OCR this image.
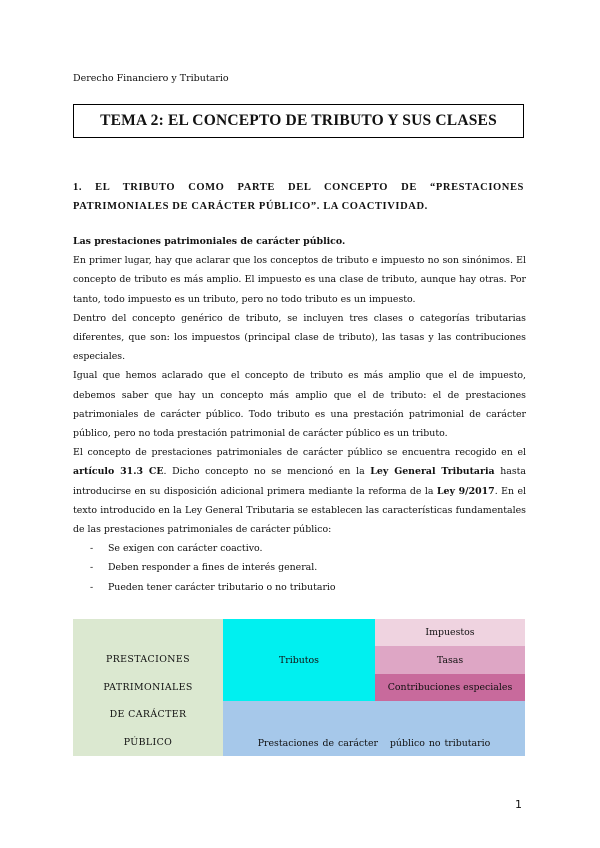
Derecho Financiero y Tributario
TEMA 2: EL CONCEPTO DE TRIBUTO Y SUS CLASES
1. EL TRIBUTO COMO PARTE DEL CONCEPTO DE “PRESTACIONES PATRIMONIALES DE CARÁCTER PÚBLICO”. LA COACTIVIDAD.

Las prestaciones patrimoniales de carácter público.

En primer lugar, hay que aclarar que los conceptos de tributo e impuesto no son sinónimos. El concepto de tributo es más amplio. El impuesto es una clase de tributo, aunque hay otras. Por tanto, todo impuesto es un tributo, pero no todo tributo es un impuesto.

Dentro del concepto genérico de tributo, se incluyen tres clases o categorías tributarias diferentes, que son: los impuestos (principal clase de tributo), las tasas y las contribuciones especiales.

Igual que hemos aclarado que el concepto de tributo es más amplio que el de impuesto, debemos saber que hay un concepto más amplio que el de tributo: el de prestaciones patrimoniales de carácter público. Todo tributo es una prestación patrimonial de carácter público, pero no toda prestación patrimonial de carácter público es un tributo.

El concepto de prestaciones patrimoniales de carácter público se encuentra recogido en el artículo 31.3 CE. Dicho concepto no se mencionó en la Ley General Tributaria hasta introducirse en su disposición adicional primera mediante la reforma de la Ley 9/2017. En el texto introducido en la Ley General Tributaria se establecen las características fundamentales de las prestaciones patrimoniales de carácter público:

- Se exigen con carácter coactivo.
- Deben responder a fines de interés general.
- Pueden tener carácter tributario o no tributario
PRESTACIONES
PATRIMONIALES
DE CARÁCTER
PÚBLICO
Tributos
Impuestos
Tasas
Contribuciones especiales
Prestaciones de carácter   público no tributario
1
